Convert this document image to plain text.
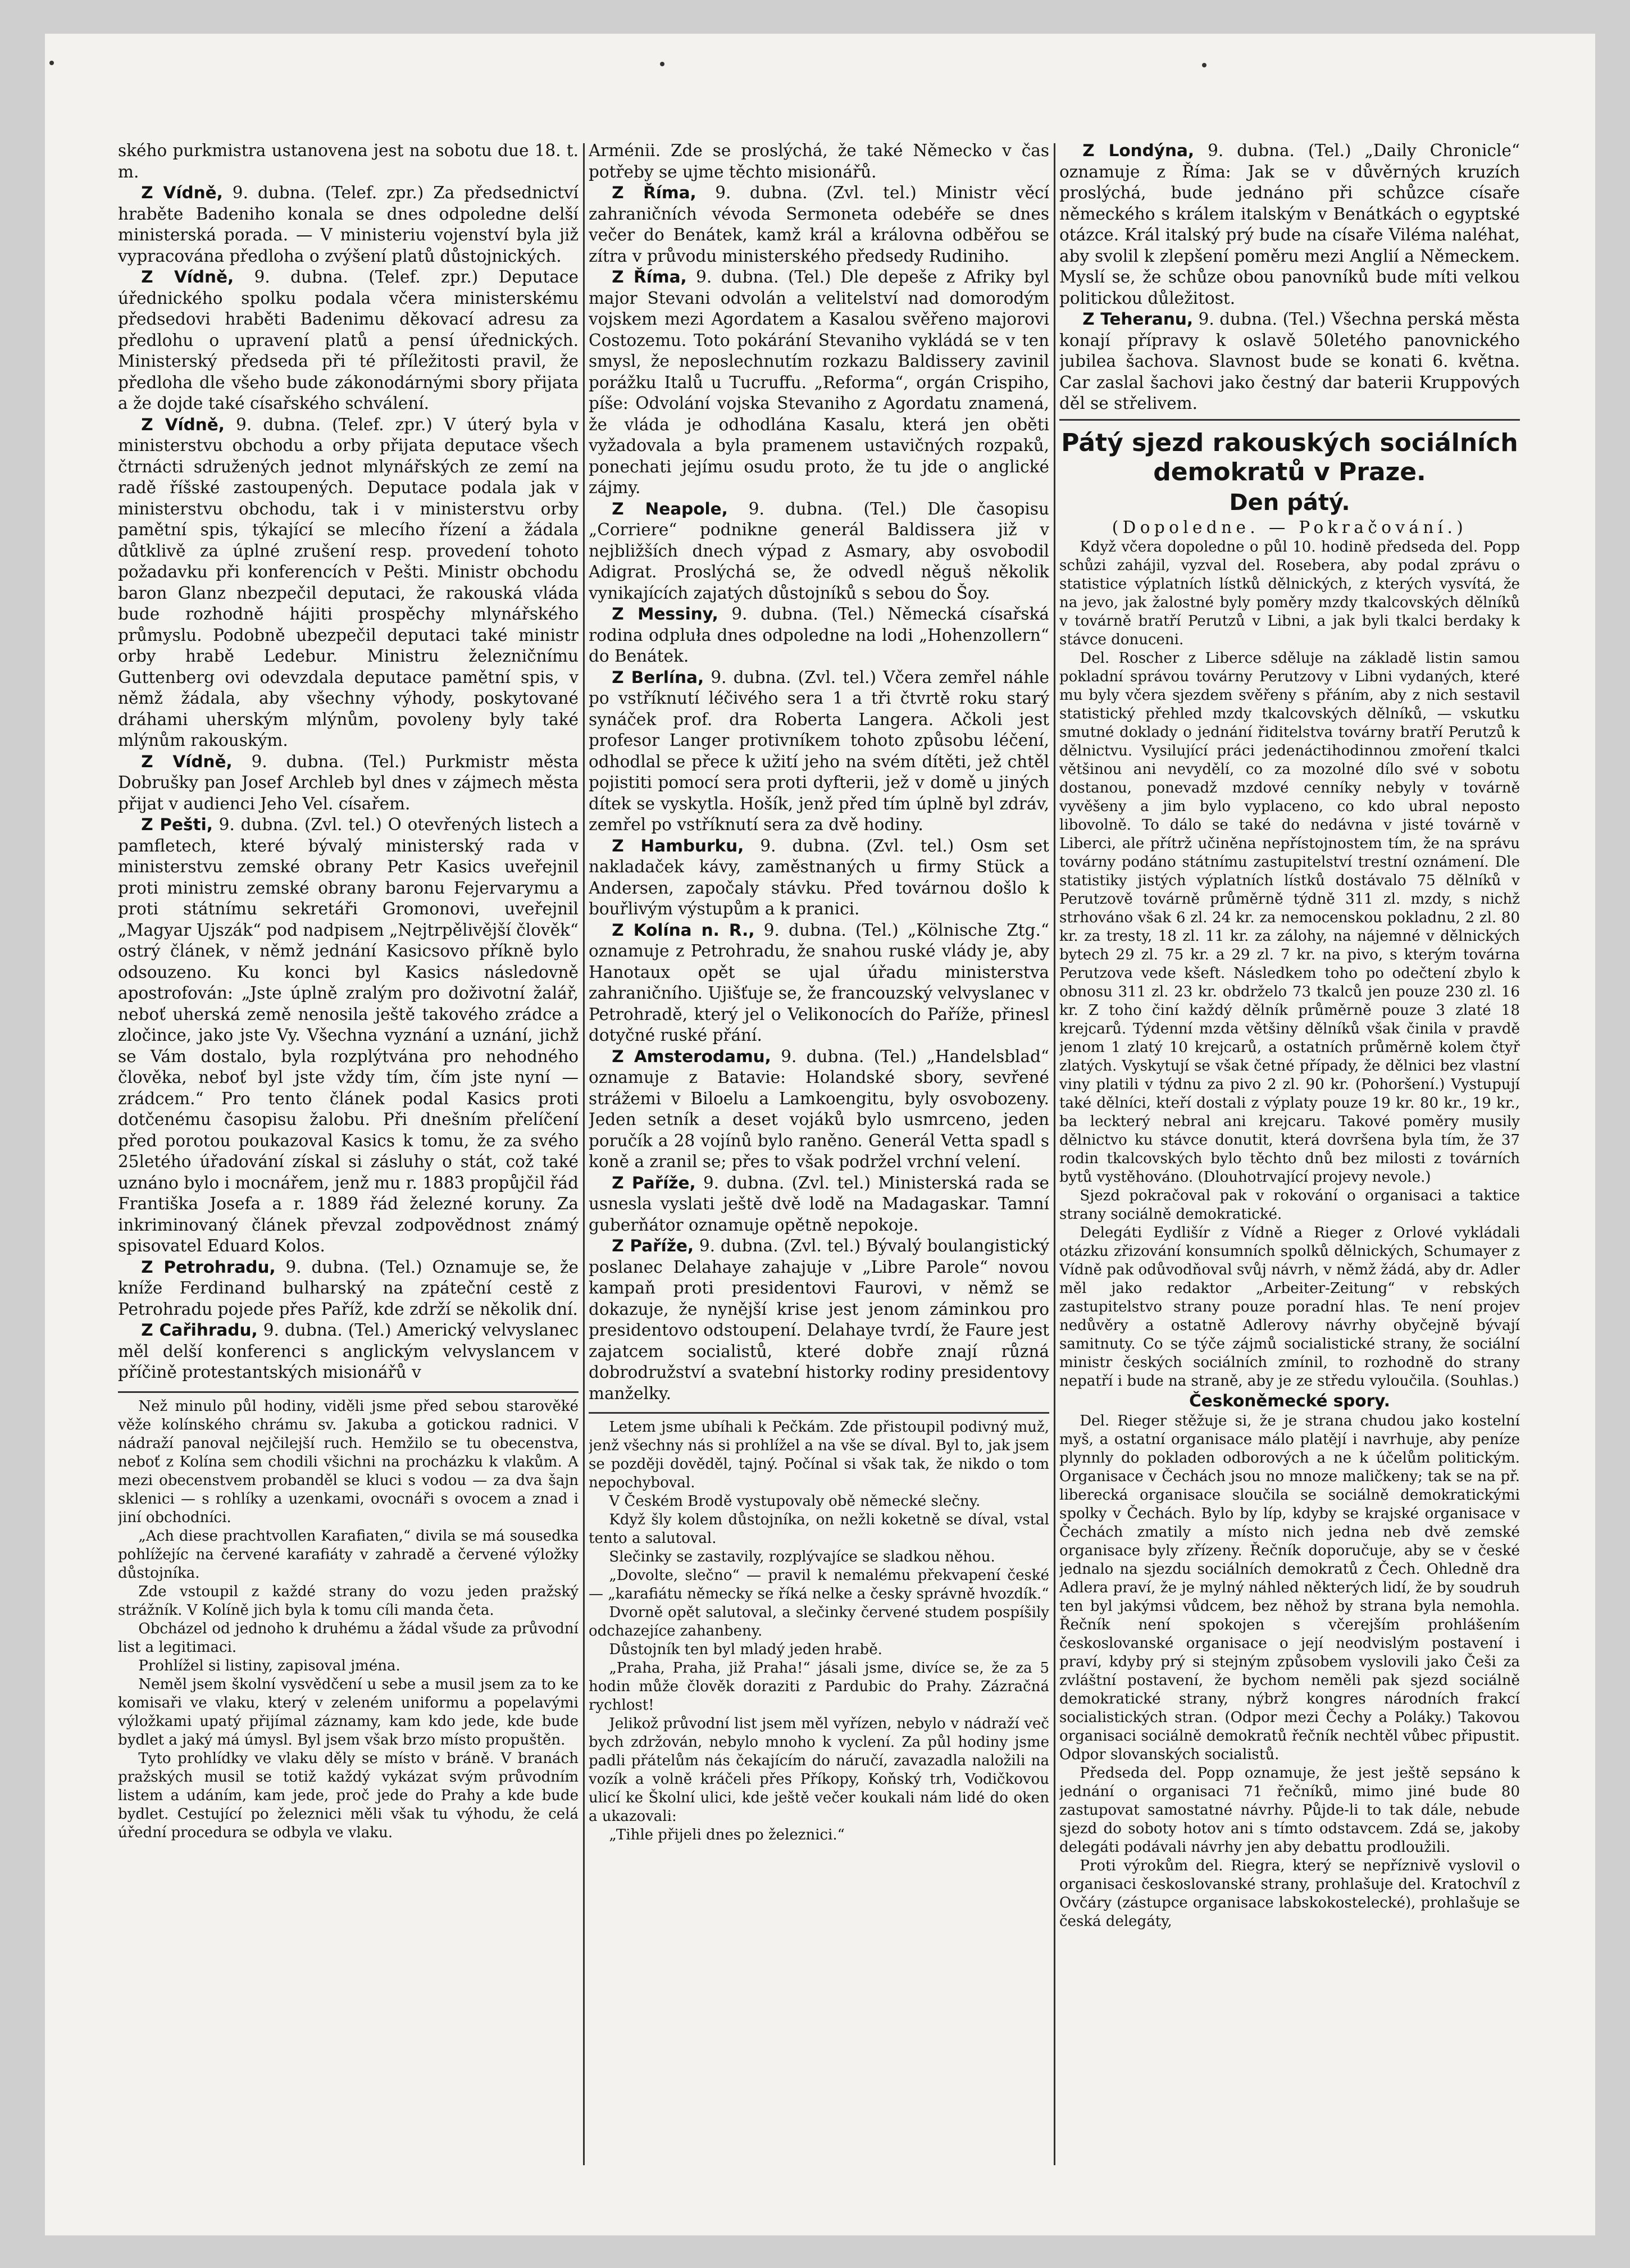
ského purkmistra ustanovena jest na sobotu due 18. t. m.

Z Vídně, 9. dubna. (Telef. zpr.) Za předsednictví hraběte Badeniho konala se dnes odpoledne delší ministerská porada. — V ministeriu vojenství byla již vypracována předloha o zvýšení platů důstojnických.

Z Vídně, 9. dubna. (Telef. zpr.) Deputace úřednického spolku podala včera ministerskému předsedovi hraběti Badenimu děkovací adresu za předlohu o upravení platů a pensí úřednických. Ministerský předseda při té příležitosti pravil, že předloha dle všeho bude zákonodárnými sbory přijata a že dojde také císařského schválení.

Z Vídně, 9. dubna. (Telef. zpr.) V úterý byla v ministerstvu obchodu a orby přijata deputace všech čtrnácti sdružených jednot mlynářských ze zemí na radě říšské zastoupených. Deputace podala jak v ministerstvu obchodu, tak i v ministerstvu orby pamětní spis, týkající se mlecího řízení a žádala důtklivě za úplné zrušení resp. provedení tohoto požadavku při konferencích v Pešti. Ministr obchodu baron Glanz nbezpečil deputaci, že rakouská vláda bude rozhodně hájiti prospěchy mlynářského průmyslu. Podobně ubezpečil deputaci také ministr orby hrabě Ledebur. Ministru železničnímu Guttenberg ovi odevzdala deputace pamětní spis, v němž žádala, aby všechny výhody, poskytované dráhami uherským mlýnům, povoleny byly také mlýnům rakouským.

Z Vídně, 9. dubna. (Tel.) Purkmistr města Dobrušky pan Josef Archleb byl dnes v zájmech města přijat v audienci Jeho Vel. císařem.

Z Pešti, 9. dubna. (Zvl. tel.) O otevřených listech a pamfletech, které bývalý ministerský rada v ministerstvu zemské obrany Petr Kasics uveřejnil proti ministru zemské obrany baronu Fejervarymu a proti státnímu sekretáři Gromonovi, uveřejnil „Magyar Ujszák“ pod nadpisem „Nejtrpělivější člověk“ ostrý článek, v němž jednání Kasicsovo příkně bylo odsouzeno. Ku konci byl Kasics následovně apostrofován: „Jste úplně zralým pro doživotní žalář, neboť uherská země nenosila ještě takového zrádce a zločince, jako jste Vy. Všechna vyznání a uznání, jichž se Vám dostalo, byla rozplýtvána pro nehodného člověka, neboť byl jste vždy tím, čím jste nyní — zrádcem.“ Pro tento článek podal Kasics proti dotčenému časopisu žalobu. Při dnešním přelíčení před porotou poukazoval Kasics k tomu, že za svého 25letého úřadování získal si zásluhy o stát, což také uznáno bylo i mocnářem, jenž mu r. 1883 propůjčil řád Františka Josefa a r. 1889 řád železné koruny. Za inkriminovaný článek převzal zodpovědnost známý spisovatel Eduard Kolos.

Z Petrohradu, 9. dubna. (Tel.) Oznamuje se, že kníže Ferdinand bulharský na zpáteční cestě z Petrohradu pojede přes Paříž, kde zdrží se několik dní.

Z Cařihradu, 9. dubna. (Tel.) Americký velvyslanec měl delší konferenci s anglickým velvyslancem v příčině protestantských misionářů v

Než minulo půl hodiny, viděli jsme před sebou starověké věže kolínského chrámu sv. Jakuba a gotickou radnici. V nádraží panoval nejčilejší ruch. Hemžilo se tu obecenstva, neboť z Kolína sem chodili všichni na procházku k vlakům. A mezi obecenstvem probanděl se kluci s vodou — za dva šajn sklenici — s rohlíky a uzenkami, ovocnáři s ovocem a znad i jiní obchodníci.

„Ach diese prachtvollen Karafiaten,“ divila se má sousedka pohlížejíc na červené karafiáty v zahradě a červené výložky důstojníka.

Zde vstoupil z každé strany do vozu jeden pražský strážník. V Kolíně jich byla k tomu cíli manda četa.

Obcházel od jednoho k druhému a žádal všude za průvodní list a legitimaci.

Prohlížel si listiny, zapisoval jména.

Neměl jsem školní vysvědčení u sebe a musil jsem za to ke komisaři ve vlaku, který v zeleném uniformu a popelavými výložkami upatý přijímal záznamy, kam kdo jede, kde bude bydlet a jaký má úmysl. Byl jsem však brzo místo propuštěn.

Tyto prohlídky ve vlaku děly se místo v bráně. V branách pražských musil se totiž každý vykázat svým průvodním listem a udáním, kam jede, proč jede do Prahy a kde bude bydlet. Cestující po železnici měli však tu výhodu, že celá úřední procedura se odbyla ve vlaku.

Arménii. Zde se proslýchá, že také Německo v čas potřeby se ujme těchto misionářů.

Z Říma, 9. dubna. (Zvl. tel.) Ministr věcí zahraničních vévoda Sermoneta odebéře se dnes večer do Benátek, kamž král a královna odběřou se zítra v průvodu ministerského předsedy Rudiniho.

Z Říma, 9. dubna. (Tel.) Dle depeše z Afriky byl major Stevani odvolán a velitelství nad domorodým vojskem mezi Agordatem a Kasalou svěřeno majorovi Costozemu. Toto pokárání Stevaniho vykládá se v ten smysl, že neposlechnutím rozkazu Baldissery zavinil porážku Italů u Tucruffu. „Reforma“, orgán Crispiho, píše: Odvolání vojska Stevaniho z Agordatu znamená, že vláda je odhodlána Kasalu, která jen oběti vyžadovala a byla pramenem ustavičných rozpaků, ponechati jejímu osudu proto, že tu jde o anglické zájmy.

Z Neapole, 9. dubna. (Tel.) Dle časopisu „Corriere“ podnikne generál Baldissera již v nejbližších dnech výpad z Asmary, aby osvobodil Adigrat. Proslýchá se, že odvedl něguš několik vynikajících zajatých důstojníků s sebou do Šoy.

Z Messiny, 9. dubna. (Tel.) Německá císařská rodina odpluła dnes odpoledne na lodi „Hohenzollern“ do Benátek.

Z Berlína, 9. dubna. (Zvl. tel.) Včera zemřel náhle po vstříknutí léčivého sera 1 a tři čtvrtě roku starý synáček prof. dra Roberta Langera. Ačkoli jest profesor Langer protivníkem tohoto způsobu léčení, odhodlal se přece k užití jeho na svém dítěti, jež chtěl pojistiti pomocí sera proti dyfterii, jež v domě u jiných dítek se vyskytla. Hošík, jenž před tím úplně byl zdráv, zemřel po vstříknutí sera za dvě hodiny.

Z Hamburku, 9. dubna. (Zvl. tel.) Osm set nakladaček kávy, zaměstnaných u firmy Stück a Andersen, započaly stávku. Před továrnou došlo k bouřlivým výstupům a k pranici.

Z Kolína n. R., 9. dubna. (Tel.) „Kölnische Ztg.“ oznamuje z Petrohradu, že snahou ruské vlády je, aby Hanotaux opět se ujal úřadu ministerstva zahraničního. Ujišťuje se, že francouzský velvyslanec v Petrohradě, který jel o Velikonocích do Paříže, přinesl dotyčné ruské přání.

Z Amsterodamu, 9. dubna. (Tel.) „Handelsblad“ oznamuje z Batavie: Holandské sbory, sevřené strážemi v Biloelu a Lamkoengitu, byly osvobozeny. Jeden setník a deset vojáků bylo usmrceno, jeden poručík a 28 vojínů bylo raněno. Generál Vetta spadl s koně a zranil se; přes to však podržel vrchní velení.

Z Paříže, 9. dubna. (Zvl. tel.) Ministerská rada se usnesla vyslati ještě dvě lodě na Madagaskar. Tamní guberňátor oznamuje opětně nepokoje.

Z Paříže, 9. dubna. (Zvl. tel.) Bývalý boulangistický poslanec Delahaye zahajuje v „Libre Parole“ novou kampaň proti presidentovi Faurovi, v němž se dokazuje, že nynější krise jest jenom záminkou pro presidentovo odstoupení. Delahaye tvrdí, že Faure jest zajatcem socialistů, které dobře znají různá dobrodružství a svatební historky rodiny presidentovy manželky.

Letem jsme ubíhali k Pečkám. Zde přistoupil podivný muž, jenž všechny nás si prohlížel a na vše se díval. Byl to, jak jsem se později dověděl, tajný. Počínal si však tak, že nikdo o tom nepochyboval.

V Českém Brodě vystupovaly obě německé slečny.

Když šly kolem důstojníka, on nežli koketně se díval, vstal tento a salutoval.

Slečinky se zastavily, rozplývajíce se sladkou něhou.

„Dovolte, slečno“ — pravil k nemalému překvapení české — „karafiátu německy se říká nelke a česky správně hvozdík.“

Dvorně opět salutoval, a slečinky červené studem pospíšily odchazejíce zahanbeny.

Důstojník ten byl mladý jeden hrabě.

„Praha, Praha, již Praha!“ jásali jsme, divíce se, že za 5 hodin může člověk doraziti z Pardubic do Prahy. Zázračná rychlost!

Jelikož průvodní list jsem měl vyřízen, nebylo v nádraží več bych zdržován, nebylo mnoho k vyclení. Za půl hodiny jsme padli přátelům nás čekajícím do náručí, zavazadla naložili na vozík a volně kráčeli přes Příkopy, Koňský trh, Vodičkovou ulicí ke Školní ulici, kde ještě večer koukali nám lidé do oken a ukazovali:

„Tihle přijeli dnes po železnici.“

Z Londýna, 9. dubna. (Tel.) „Daily Chronicle“ oznamuje z Říma: Jak se v důvěrných kruzích proslýchá, bude jednáno při schůzce císaře německého s králem italským v Benátkách o egyptské otázce. Král italský prý bude na císaře Viléma naléhat, aby svolil k zlepšení poměru mezi Anglií a Německem. Myslí se, že schůze obou panovníků bude míti velkou politickou důležitost.

Z Teheranu, 9. dubna. (Tel.) Všechna perská města konají přípravy k oslavě 50letého panovnického jubilea šachova. Slavnost bude se konati 6. května. Car zaslal šachovi jako čestný dar baterii Kruppových děl se střelivem.

Pátý sjezd rakouských sociálních demokratů v Praze.
Den pátý.

(Dopoledne. — Pokračování.)

Když včera dopoledne o půl 10. hodině předseda del. Popp schůzi zahájil, vyzval del. Rosebera, aby podal zprávu o statistice výplatních lístků dělnických, z kterých vysvítá, že na jevo, jak žalostné byly poměry mzdy tkalcovských dělníků v továrně bratří Perutzů v Libni, a jak byli tkalci berdaky k stávce donuceni.

Del. Roscher z Liberce sděluje na základě listin samou pokladní správou továrny Perutzovy v Libni vydaných, které mu byly včera sjezdem svěřeny s přáním, aby z nich sestavil statistický přehled mzdy tkalcovských dělníků, — vskutku smutné doklady o jednání řiditelstva továrny bratří Perutzů k dělnictvu. Vysilující práci jedenáctihodinnou zmoření tkalci většinou ani nevydělí, co za mozolné dílo své v sobotu dostanou, ponevadž mzdové cenníky nebyly v továrně vyvěšeny a jim bylo vyplaceno, co kdo ubral neposto libovolně. To dálo se také do nedávna v jisté továrně v Liberci, ale přítrž učiněna nepřístojnostem tím, že na správu továrny podáno státnímu zastupitelství trestní oznámení. Dle statistiky jistých výplatních lístků dostávalo 75 dělníků v Perutzově továrně průměrně týdně 311 zl. mzdy, s nichž strhováno však 6 zl. 24 kr. za nemocenskou pokladnu, 2 zl. 80 kr. za tresty, 18 zl. 11 kr. za zálohy, na nájemné v dělnických bytech 29 zl. 75 kr. a 29 zl. 7 kr. na pivo, s kterým továrna Perutzova vede kšeft. Následkem toho po odečtení zbylo k obnosu 311 zl. 23 kr. obdrželo 73 tkalců jen pouze 230 zl. 16 kr. Z toho činí každý dělník průměrně pouze 3 zlaté 18 krejcarů. Týdenní mzda většiny dělníků však činila v pravdě jenom 1 zlatý 10 krejcarů, a ostatních průměrně kolem čtyř zlatých. Vyskytují se však četné případy, že dělnici bez vlastní viny platili v týdnu za pivo 2 zl. 90 kr. (Pohoršení.) Vystupují také dělníci, kteří dostali z výplaty pouze 19 kr. 80 kr., 19 kr., ba leckterý nebral ani krejcaru. Takové poměry musily dělnictvo ku stávce donutit, která dovršena byla tím, že 37 rodin tkalcovských bylo těchto dnů bez milosti z továrních bytů vystěhováno. (Dlouhotrvající projevy nevole.)

Sjezd pokračoval pak v rokování o organisaci a taktice strany sociálně demokratické.

Delegáti Eydlišír z Vídně a Rieger z Orlové vykládali otázku zřizování konsumních spolků dělnických, Schumayer z Vídně pak odůvodňoval svůj návrh, v němž žádá, aby dr. Adler měl jako redaktor „Arbeiter-Zeitung“ v rebských zastupitelstvo strany pouze poradní hlas. Te není projev nedůvěry a ostatně Adlerovy návrhy obyčejně bývají samitnuty. Co se týče zájmů socialistické strany, že sociální ministr českých sociálních zmínil, to rozhodně do strany nepatří i bude na straně, aby je ze středu vyloučila. (Souhlas.)

Českoněmecké spory.

Del. Rieger stěžuje si, že je strana chudou jako kostelní myš, a ostatní organisace málo platějí i navrhuje, aby peníze plynnly do pokladen odborových a ne k účelům politickým. Organisace v Čechách jsou no mnoze maličkeny; tak se na př. liberecká organisace sloučila se sociálně demokratickými spolky v Čechách. Bylo by líp, kdyby se krajské organisace v Čechách zmatily a místo nich jedna neb dvě zemské organisace byly zřízeny. Řečník doporučuje, aby se v české jednalo na sjezdu sociálních demokratů z Čech. Ohledně dra Adlera praví, že je mylný náhled některých lidí, že by soudruh ten byl jakýmsi vůdcem, bez něhož by strana byla nemohla. Řečník není spokojen s včerejším prohlášením českoslovanské organisace o její neodvislým postavení i praví, kdyby prý si stejným způsobem vyslovili jako Češi za zvláštní postavení, že bychom neměli pak sjezd sociálně demokratické strany, nýbrž kongres národních frakcí socialistických stran. (Odpor mezi Čechy a Poláky.) Takovou organisaci sociálně demokratů řečník nechtěl vůbec připustit. Odpor slovanských socialistů.

Předseda del. Popp oznamuje, že jest ještě sepsáno k jednání o organisaci 71 řečníků, mimo jiné bude 80 zastupovat samostatné návrhy. Půjde-li to tak dále, nebude sjezd do soboty hotov ani s tímto odstavcem. Zdá se, jakoby delegáti podávali návrhy jen aby debattu prodloužili.

Proti výrokům del. Riegra, který se nepříznivě vyslovil o organisaci českoslovanské strany, prohlašuje del. Kratochvíl z Ovčáry (zástupce organisace labskokostelecké), prohlašuje se česká delegáty,
